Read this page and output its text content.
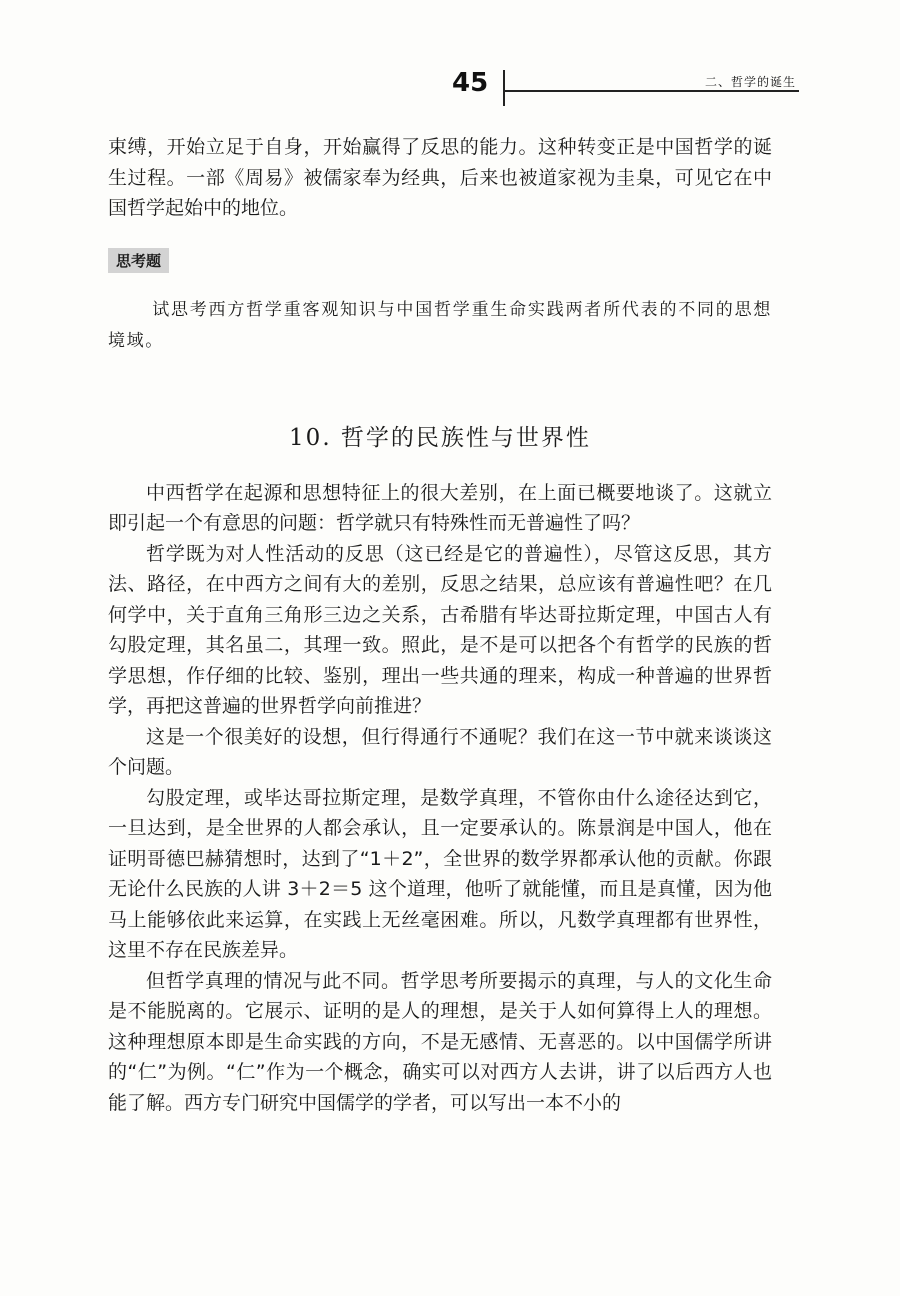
45	二、哲学的诞生

束缚，开始立足于自身，开始赢得了反思的能力。这种转变正是中国哲学的诞生过程。一部《周易》被儒家奉为经典，后来也被道家视为圭臬，可见它在中国哲学起始中的地位。

思考题

试思考西方哲学重客观知识与中国哲学重生命实践两者所代表的不同的思想境域。

10. 哲学的民族性与世界性

中西哲学在起源和思想特征上的很大差别，在上面已概要地谈了。这就立即引起一个有意思的问题：哲学就只有特殊性而无普遍性了吗？

哲学既为对人性活动的反思（这已经是它的普遍性），尽管这反思，其方法、路径，在中西方之间有大的差别，反思之结果，总应该有普遍性吧？在几何学中，关于直角三角形三边之关系，古希腊有毕达哥拉斯定理，中国古人有勾股定理，其名虽二，其理一致。照此，是不是可以把各个有哲学的民族的哲学思想，作仔细的比较、鉴别，理出一些共通的理来，构成一种普遍的世界哲学，再把这普遍的世界哲学向前推进？

这是一个很美好的设想，但行得通行不通呢？我们在这一节中就来谈谈这个问题。

勾股定理，或毕达哥拉斯定理，是数学真理，不管你由什么途径达到它，一旦达到，是全世界的人都会承认，且一定要承认的。陈景润是中国人，他在证明哥德巴赫猜想时，达到了“1＋2”，全世界的数学界都承认他的贡献。你跟无论什么民族的人讲 3＋2＝5 这个道理，他听了就能懂，而且是真懂，因为他马上能够依此来运算，在实践上无丝毫困难。所以，凡数学真理都有世界性，这里不存在民族差异。

但哲学真理的情况与此不同。哲学思考所要揭示的真理，与人的文化生命是不能脱离的。它展示、证明的是人的理想，是关于人如何算得上人的理想。这种理想原本即是生命实践的方向，不是无感情、无喜恶的。以中国儒学所讲的“仁”为例。“仁”作为一个概念，确实可以对西方人去讲，讲了以后西方人也能了解。西方专门研究中国儒学的学者，可以写出一本不小的
